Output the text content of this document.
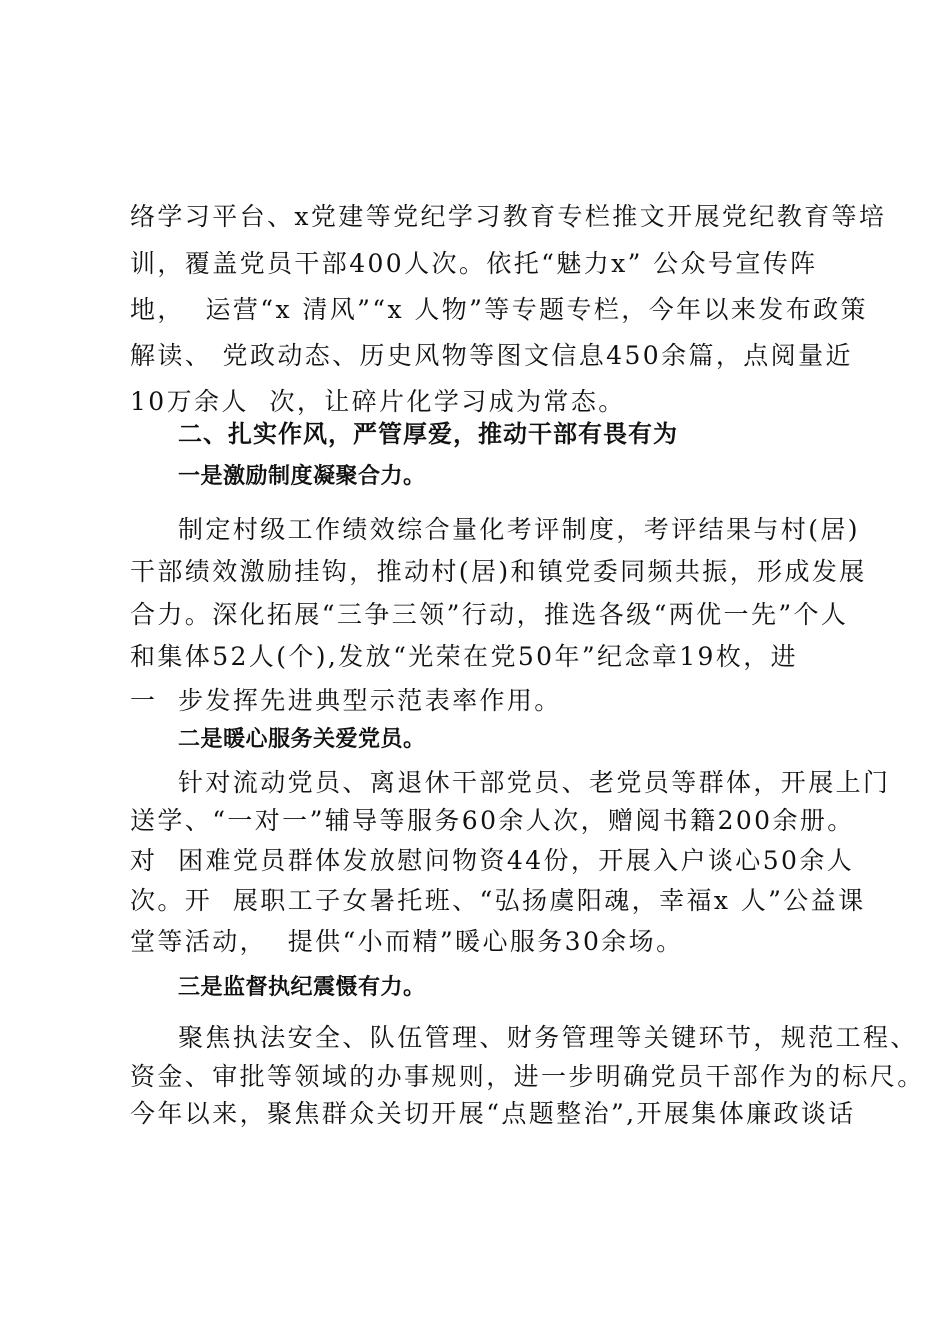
络学习平台、x党建等党纪学习教育专栏推文开展党纪教育等培
训，覆盖党员干部400人次。依托“魅力x” 公众号宣传阵
地，  运营“x 清风”“x 人物”等专题专栏，今年以来发布政策
解读、 党政动态、历史风物等图文信息450余篇，点阅量近
10万余人  次，让碎片化学习成为常态。
二、扎实作风，严管厚爱，推动干部有畏有为
一是激励制度凝聚合力。
制定村级工作绩效综合量化考评制度，考评结果与村(居)
干部绩效激励挂钩，推动村(居)和镇党委同频共振，形成发展
合力。深化拓展“三争三领”行动，推选各级“两优一先”个人
和集体52人(个),发放“光荣在党50年”纪念章19枚，进
一  步发挥先进典型示范表率作用。
二是暖心服务关爱党员。
针对流动党员、离退休干部党员、老党员等群体，开展上门
送学、“一对一”辅导等服务60余人次，赠阅书籍200余册。
对  困难党员群体发放慰问物资44份，开展入户谈心50余人
次。开  展职工子女暑托班、“弘扬虞阳魂，幸福x 人”公益课
堂等活动，  提供“小而精”暖心服务30余场。
三是监督执纪震慑有力。
聚焦执法安全、队伍管理、财务管理等关键环节，规范工程、
资金、审批等领域的办事规则，进一步明确党员干部作为的标尺。
今年以来，聚焦群众关切开展“点题整治”,开展集体廉政谈话
